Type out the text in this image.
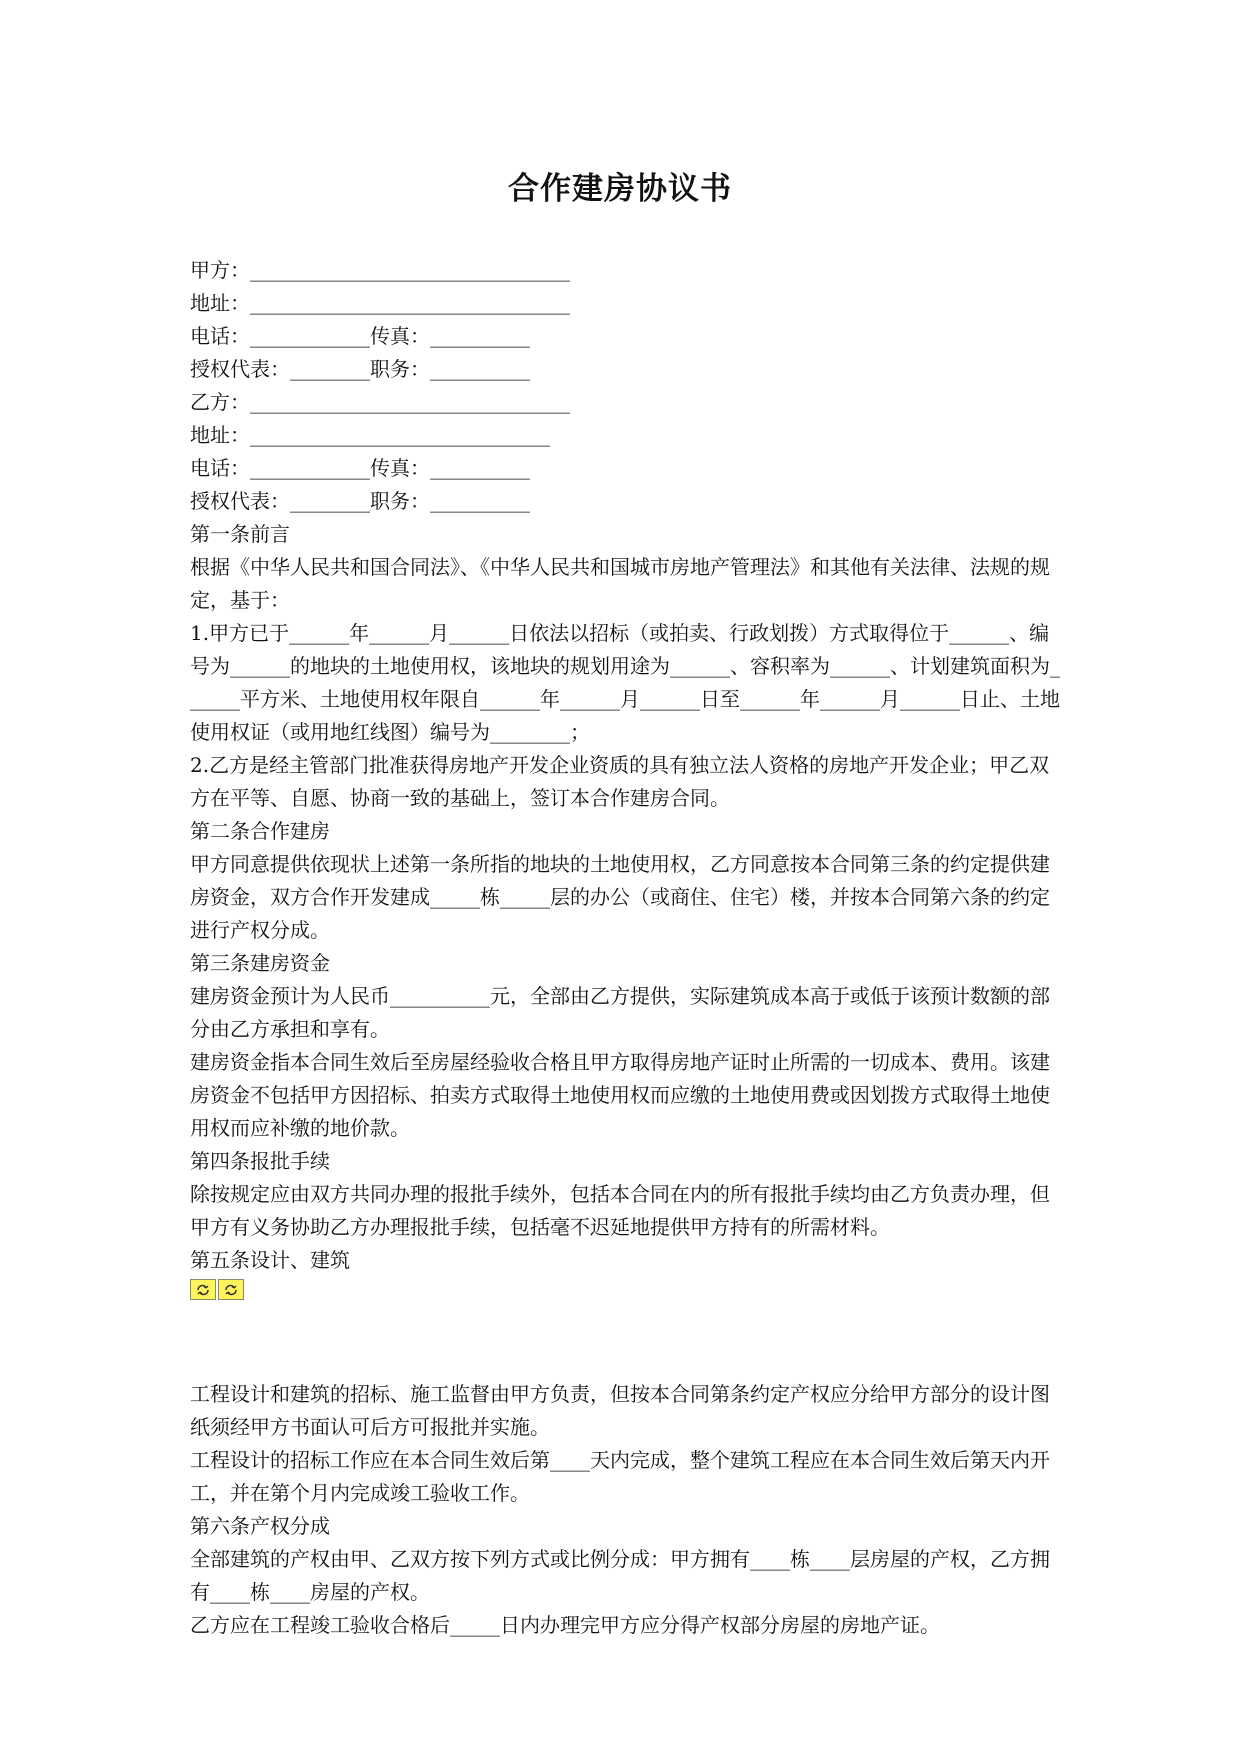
合作建房协议书
甲方：________________________________
地址：________________________________
电话：____________传真：__________
授权代表：________职务：__________
乙方：________________________________
地址：______________________________
电话：____________传真：__________
授权代表：________职务：__________
第一条前言
根据《中华人民共和国合同法》、《中华人民共和国城市房地产管理法》和其他有关法律、法规的规定，基于：
1.甲方已于______年______月______日依法以招标（或拍卖、行政划拨）方式取得位于______、编号为______的地块的土地使用权，该地块的规划用途为______、容积率为______、计划建筑面积为______平方米、土地使用权年限自______年______月______日至______年______月______日止、土地使用权证（或用地红线图）编号为________；
2.乙方是经主管部门批准获得房地产开发企业资质的具有独立法人资格的房地产开发企业；甲乙双方在平等、自愿、协商一致的基础上，签订本合作建房合同。
第二条合作建房
甲方同意提供依现状上述第一条所指的地块的土地使用权，乙方同意按本合同第三条的约定提供建房资金，双方合作开发建成_____栋_____层的办公（或商住、住宅）楼，并按本合同第六条的约定进行产权分成。
第三条建房资金
建房资金预计为人民币__________元，全部由乙方提供，实际建筑成本高于或低于该预计数额的部分由乙方承担和享有。
建房资金指本合同生效后至房屋经验收合格且甲方取得房地产证时止所需的一切成本、费用。该建房资金不包括甲方因招标、拍卖方式取得土地使用权而应缴的土地使用费或因划拨方式取得土地使用权而应补缴的地价款。
第四条报批手续
除按规定应由双方共同办理的报批手续外，包括本合同在内的所有报批手续均由乙方负责办理，但甲方有义务协助乙方办理报批手续，包括毫不迟延地提供甲方持有的所需材料。
第五条设计、建筑
工程设计和建筑的招标、施工监督由甲方负责，但按本合同第条约定产权应分给甲方部分的设计图纸须经甲方书面认可后方可报批并实施。
工程设计的招标工作应在本合同生效后第____天内完成，整个建筑工程应在本合同生效后第天内开工，并在第个月内完成竣工验收工作。
第六条产权分成
全部建筑的产权由甲、乙双方按下列方式或比例分成：甲方拥有____栋____层房屋的产权，乙方拥有____栋____房屋的产权。
乙方应在工程竣工验收合格后_____日内办理完甲方应分得产权部分房屋的房地产证。
